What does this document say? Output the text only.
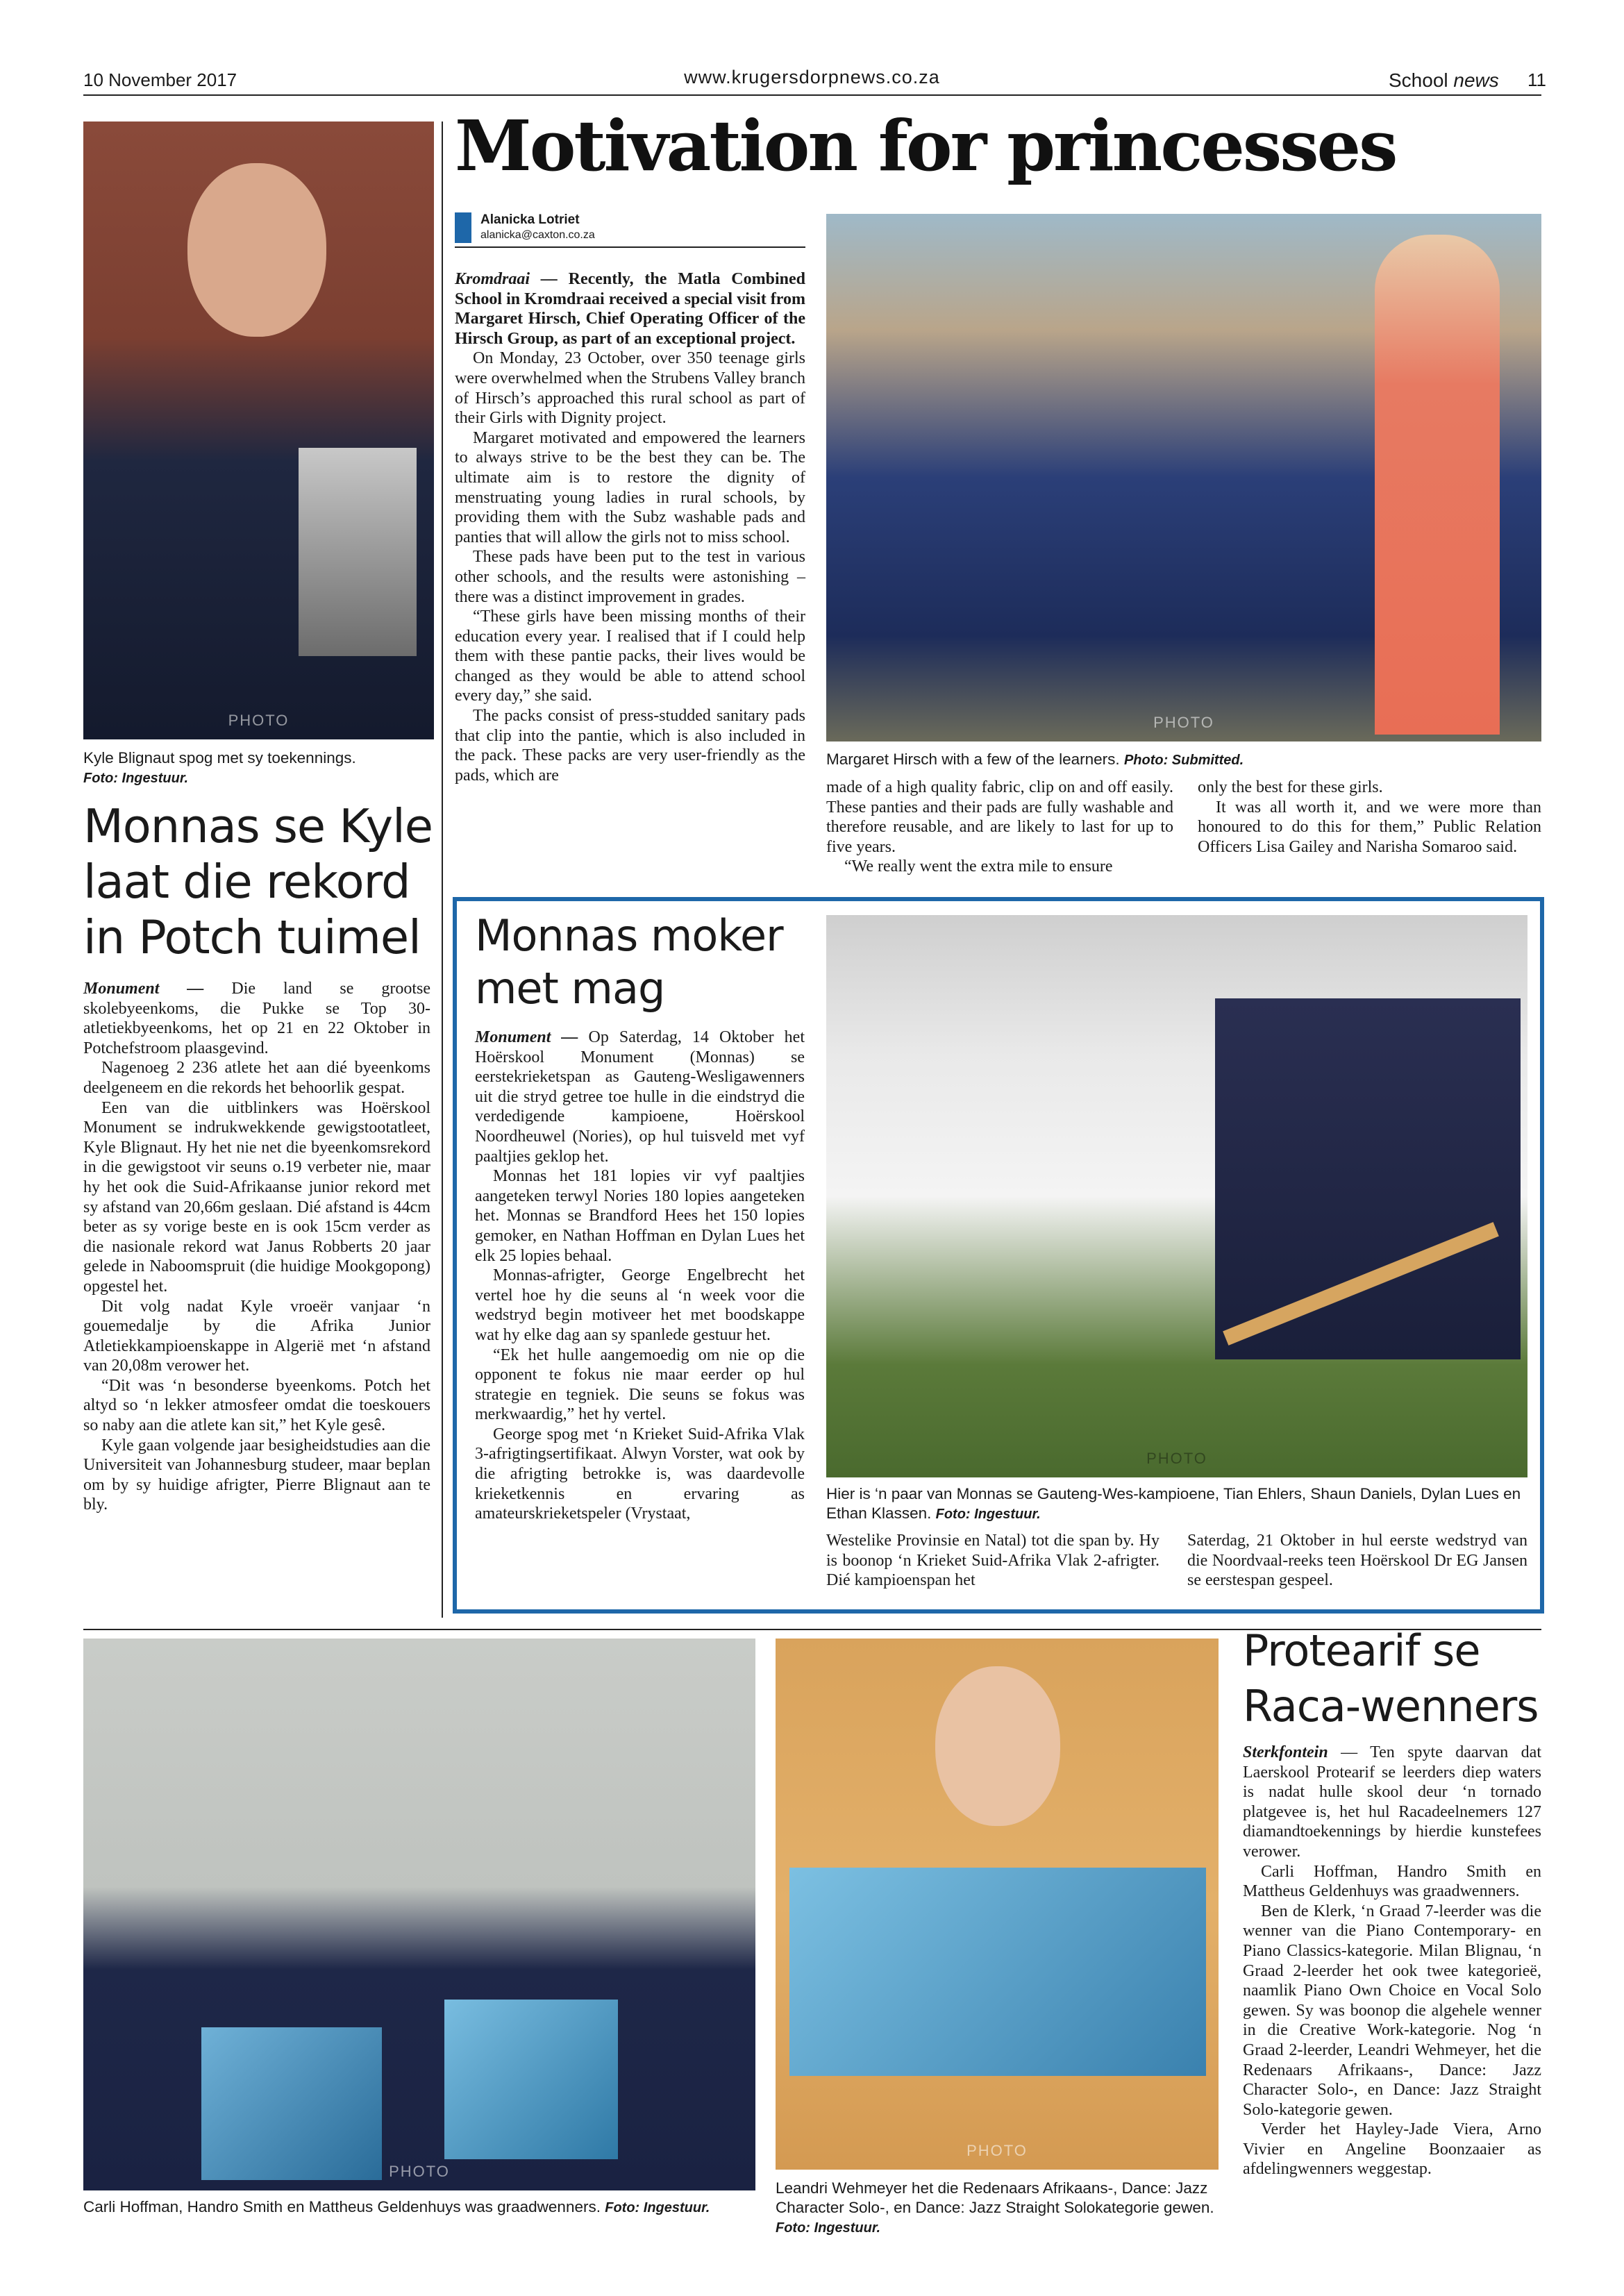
10 November 2017	www.krugersdorpnews.co.za	School news 11
PHOTO
Kyle Blignaut spog met sy toekennings.
Foto: Ingestuur.
Monnas se Kyle laat die rekord in Potch tuimel

Monument — Die land se grootse skolebyeenkoms, die Pukke se Top 30-atletiekbyeenkoms, het op 21 en 22 Oktober in Potchefstroom plaasgevind.

Nagenoeg 2 236 atlete het aan dié byeenkoms deelgeneem en die rekords het behoorlik gespat.

Een van die uitblinkers was Hoërskool Monument se indrukwekkende gewigstootatleet, Kyle Blignaut. Hy het nie net die byeenkomsrekord in die gewigstoot vir seuns o.19 verbeter nie, maar hy het ook die Suid-Afrikaanse junior rekord met sy afstand van 20,66m geslaan. Dié afstand is 44cm beter as sy vorige beste en is ook 15cm verder as die nasionale rekord wat Janus Robberts 20 jaar gelede in Naboomspruit (die huidige Mookgopong) opgestel het.

Dit volg nadat Kyle vroeër vanjaar ‘n gouemedalje by die Afrika Junior Atletiekkampioenskappe in Algerië met ‘n afstand van 20,08m verower het.

“Dit was ‘n besonderse byeenkoms. Potch het altyd so ‘n lekker atmosfeer omdat die toeskouers so naby aan die atlete kan sit,” het Kyle gesê.

Kyle gaan volgende jaar besigheidstudies aan die Universiteit van Johannesburg studeer, maar beplan om by sy huidige afrigter, Pierre Blignaut aan te bly.

Motivation for princesses
Alanicka Lotriet
alanicka@caxton.co.za

Kromdraai — Recently, the Matla Combined School in Kromdraai received a special visit from Margaret Hirsch, Chief Operating Officer of the Hirsch Group, as part of an exceptional project.

On Monday, 23 October, over 350 teenage girls were overwhelmed when the Strubens Valley branch of Hirsch’s approached this rural school as part of their Girls with Dignity project.

Margaret motivated and empowered the learners to always strive to be the best they can be. The ultimate aim is to restore the dignity of menstruating young ladies in rural schools, by providing them with the Subz washable pads and panties that will allow the girls not to miss school.

These pads have been put to the test in various other schools, and the results were astonishing – there was a distinct improvement in grades.

“These girls have been missing months of their education every year. I realised that if I could help them with these pantie packs, their lives would be changed as they would be able to attend school every day,” she said.

The packs consist of press-studded sanitary pads that clip into the pantie, which is also included in the pack. These packs are very user-friendly as the pads, which are

PHOTO
Margaret Hirsch with a few of the learners. Photo: Submitted.

made of a high quality fabric, clip on and off easily. These panties and their pads are fully washable and therefore reusable, and are likely to last for up to five years.

“We really went the extra mile to ensure

only the best for these girls.

It was all worth it, and we were more than honoured to do this for them,” Public Relation Officers Lisa Gailey and Narisha Somaroo said.

Monnas moker met mag

Monument — Op Saterdag, 14 Oktober het Hoërskool Monument (Monnas) se eerstekrieketspan as Gauteng-Wesligawenners uit die stryd getree toe hulle in die eindstryd die verdedigende kampioene, Hoërskool Noordheuwel (Nories), op hul tuisveld met vyf paaltjies geklop het.

Monnas het 181 lopies vir vyf paaltjies aangeteken terwyl Nories 180 lopies aangeteken het. Monnas se Brandford Hees het 150 lopies gemoker, en Nathan Hoffman en Dylan Lues het elk 25 lopies behaal.

Monnas-afrigter, George Engelbrecht het vertel hoe hy die seuns al ‘n week voor die wedstryd begin motiveer het met boodskappe wat hy elke dag aan sy spanlede gestuur het.

“Ek het hulle aangemoedig om nie op die opponent te fokus nie maar eerder op hul strategie en tegniek. Die seuns se fokus was merkwaardig,” het hy vertel.

George spog met ‘n Krieket Suid-Afrika Vlak 3-afrigtingsertifikaat. Alwyn Vorster, wat ook by die afrigting betrokke is, was daardevolle krieketkennis en ervaring as amateurskrieketspeler (Vrystaat,

PHOTO
Hier is ‘n paar van Monnas se Gauteng-Wes-kampioene, Tian Ehlers, Shaun Daniels, Dylan Lues en Ethan Klassen. Foto: Ingestuur.

Westelike Provinsie en Natal) tot die span by. Hy is boonop ‘n Krieket Suid-Afrika Vlak 2-afrigter. Dié kampioenspan het

Saterdag, 21 Oktober in hul eerste wedstryd van die Noordvaal-reeks teen Hoërskool Dr EG Jansen se eerstespan gespeel.

PHOTO
Carli Hoffman, Handro Smith en Mattheus Geldenhuys was graadwenners. Foto: Ingestuur.
PHOTO
Leandri Wehmeyer het die Redenaars Afrikaans-, Dance: Jazz Character Solo-, en Dance: Jazz Straight Solokategorie gewen. Foto: Ingestuur.
Protearif se Raca-wenners

Sterkfontein — Ten spyte daarvan dat Laerskool Protearif se leerders diep waters is nadat hulle skool deur ‘n tornado platgevee is, het hul Racadeelnemers 127 diamandtoekennings by hierdie kunstefees verower.

Carli Hoffman, Handro Smith en Mattheus Geldenhuys was graadwenners.

Ben de Klerk, ‘n Graad 7-leerder was die wenner van die Piano Contemporary- en Piano Classics-kategorie. Milan Blignau, ‘n Graad 2-leerder het ook twee kategorieë, naamlik Piano Own Choice en Vocal Solo gewen. Sy was boonop die algehele wenner in die Creative Work-kategorie. Nog ‘n Graad 2-leerder, Leandri Wehmeyer, het die Redenaars Afrikaans-, Dance: Jazz Character Solo-, en Dance: Jazz Straight Solo-kategorie gewen.

Verder het Hayley-Jade Viera, Arno Vivier en Angeline Boonzaaier as afdelingwenners weggestap.
